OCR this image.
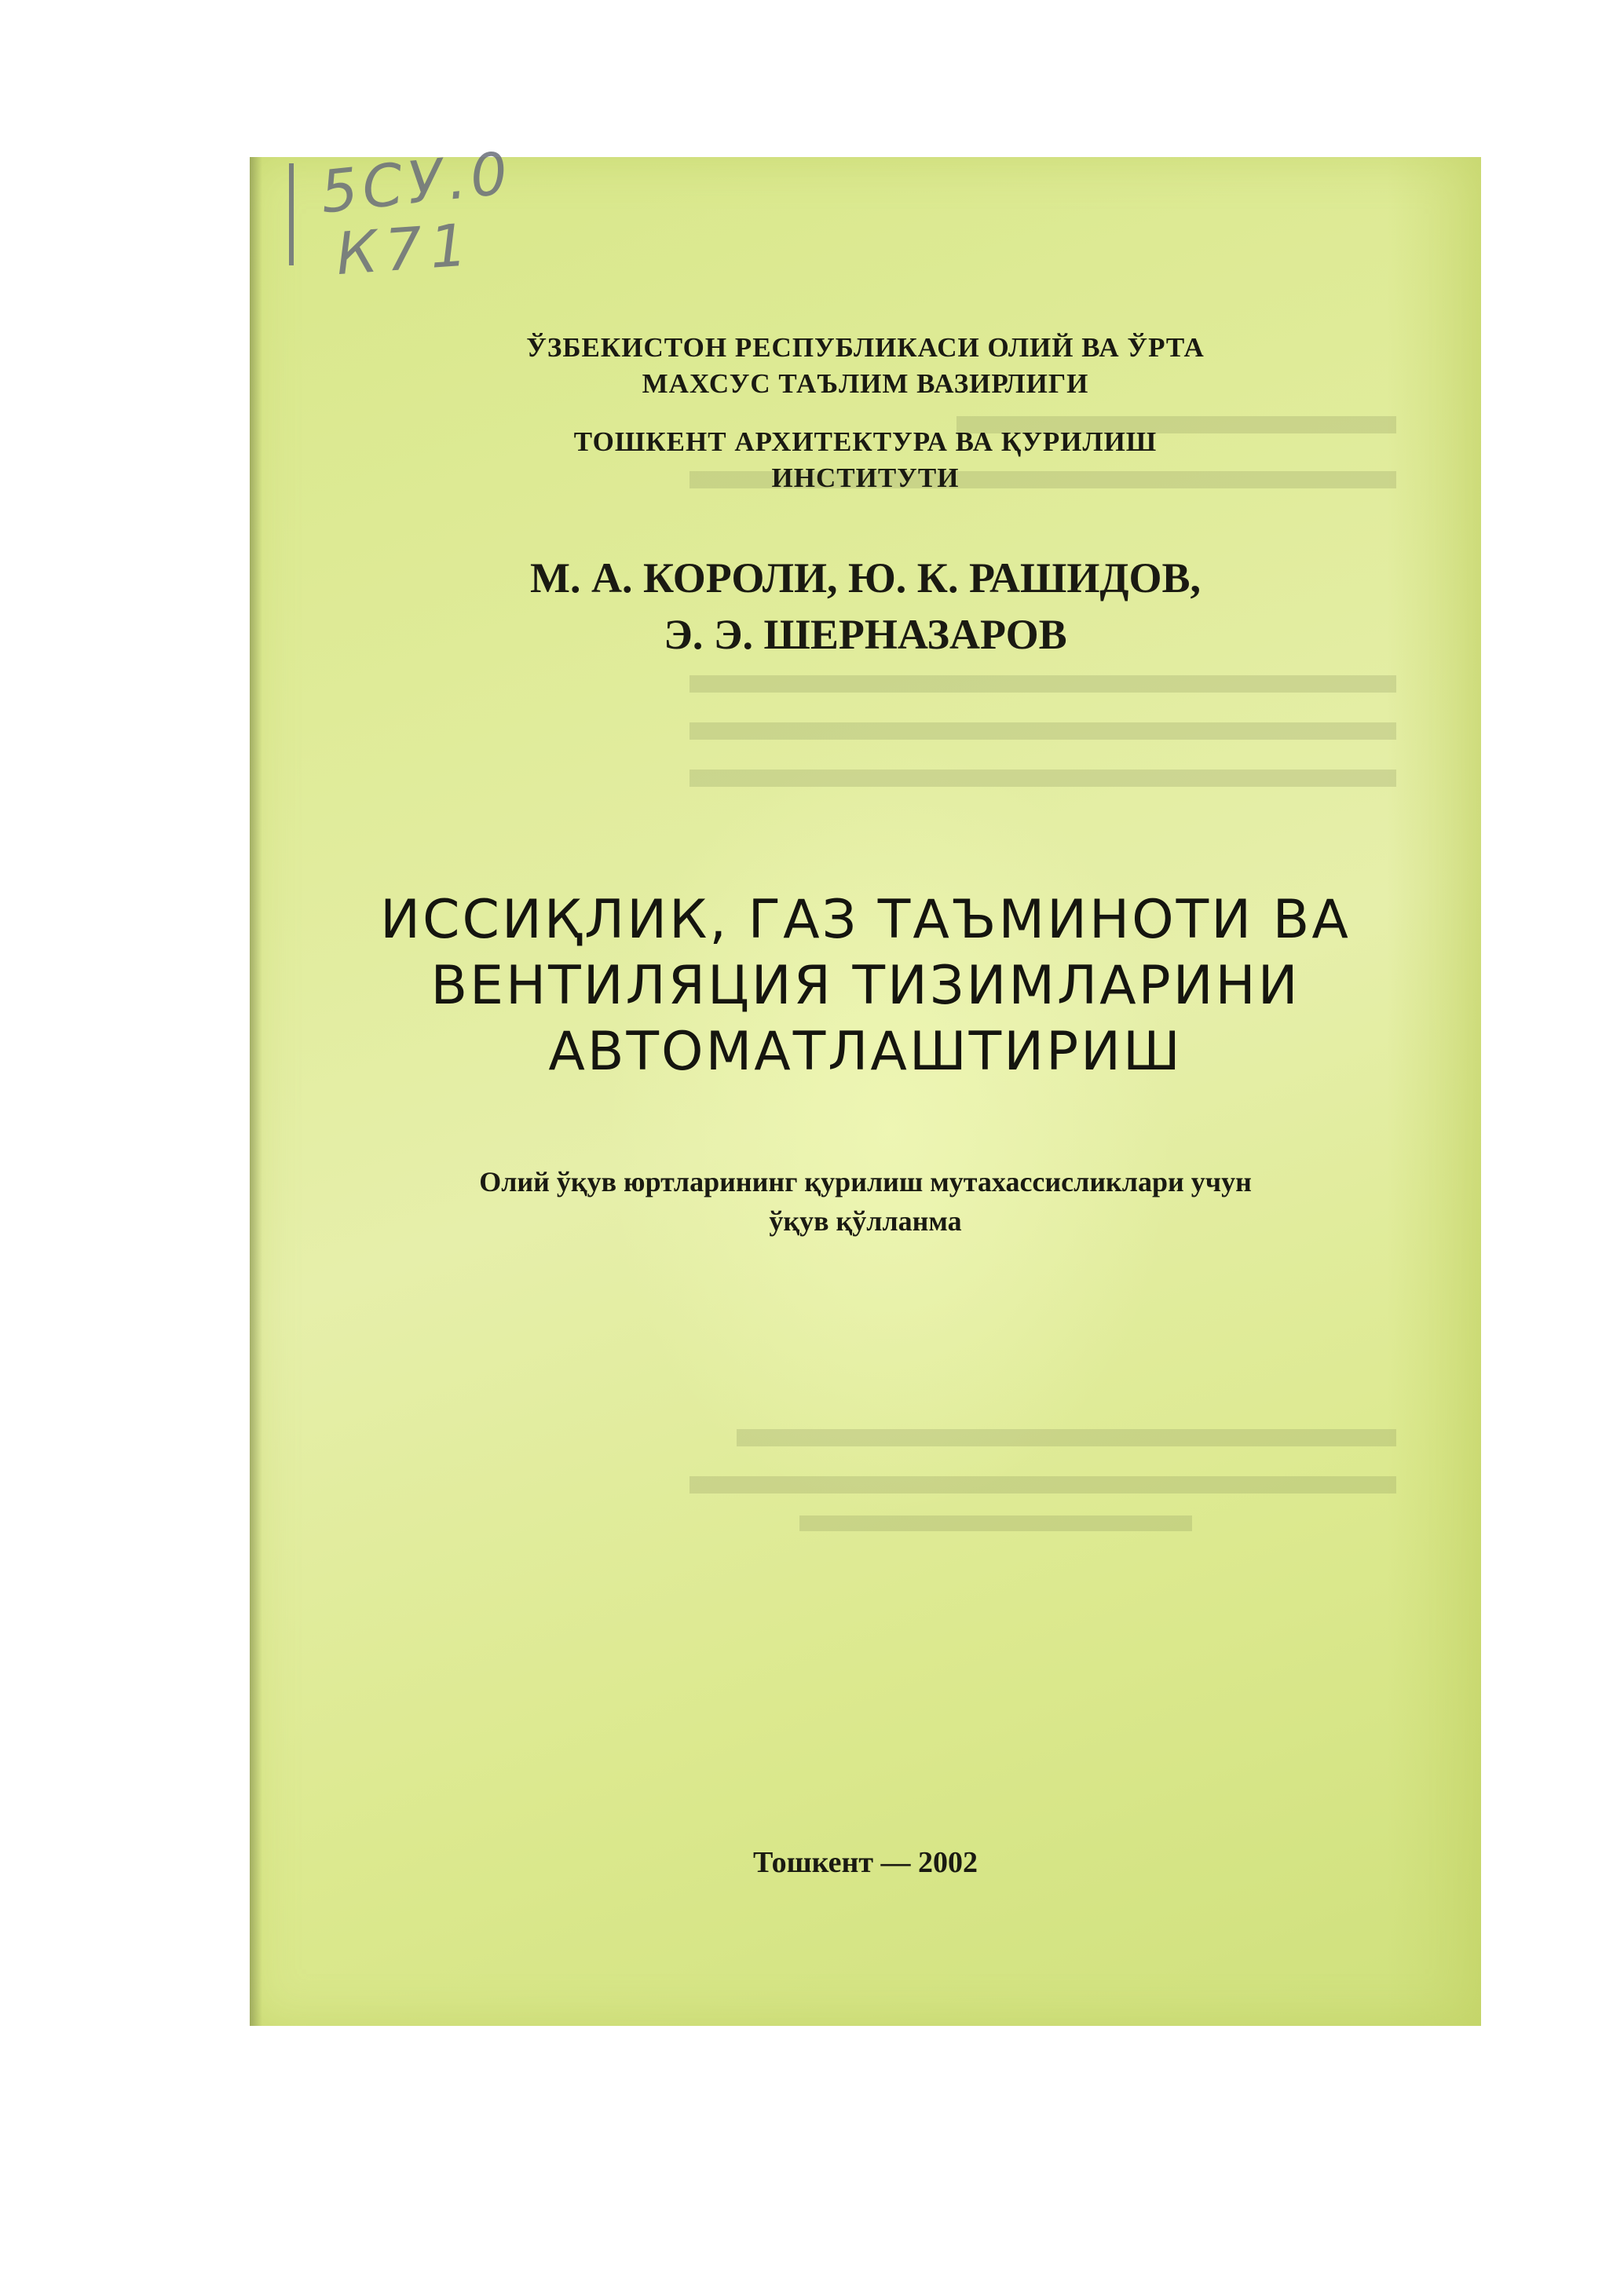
5СУ.0
К71
ЎЗБЕКИСТОН РЕСПУБЛИКАСИ ОЛИЙ ВА ЎРТА
МАХСУС ТАЪЛИМ ВАЗИРЛИГИ
ТОШКЕНТ АРХИТЕКТУРА ВА ҚУРИЛИШ
ИНСТИТУТИ
М. А. КОРОЛИ, Ю. К. РАШИДОВ,
Э. Э. ШЕРНАЗАРОВ
ИССИҚЛИК, ГАЗ ТАЪМИНОТИ ВА
ВЕНТИЛЯЦИЯ ТИЗИМЛАРИНИ
АВТОМАТЛАШТИРИШ
Олий ўқув юртларининг қурилиш мутахассисликлари учун
ўқув қўлланма
Тошкент — 2002
